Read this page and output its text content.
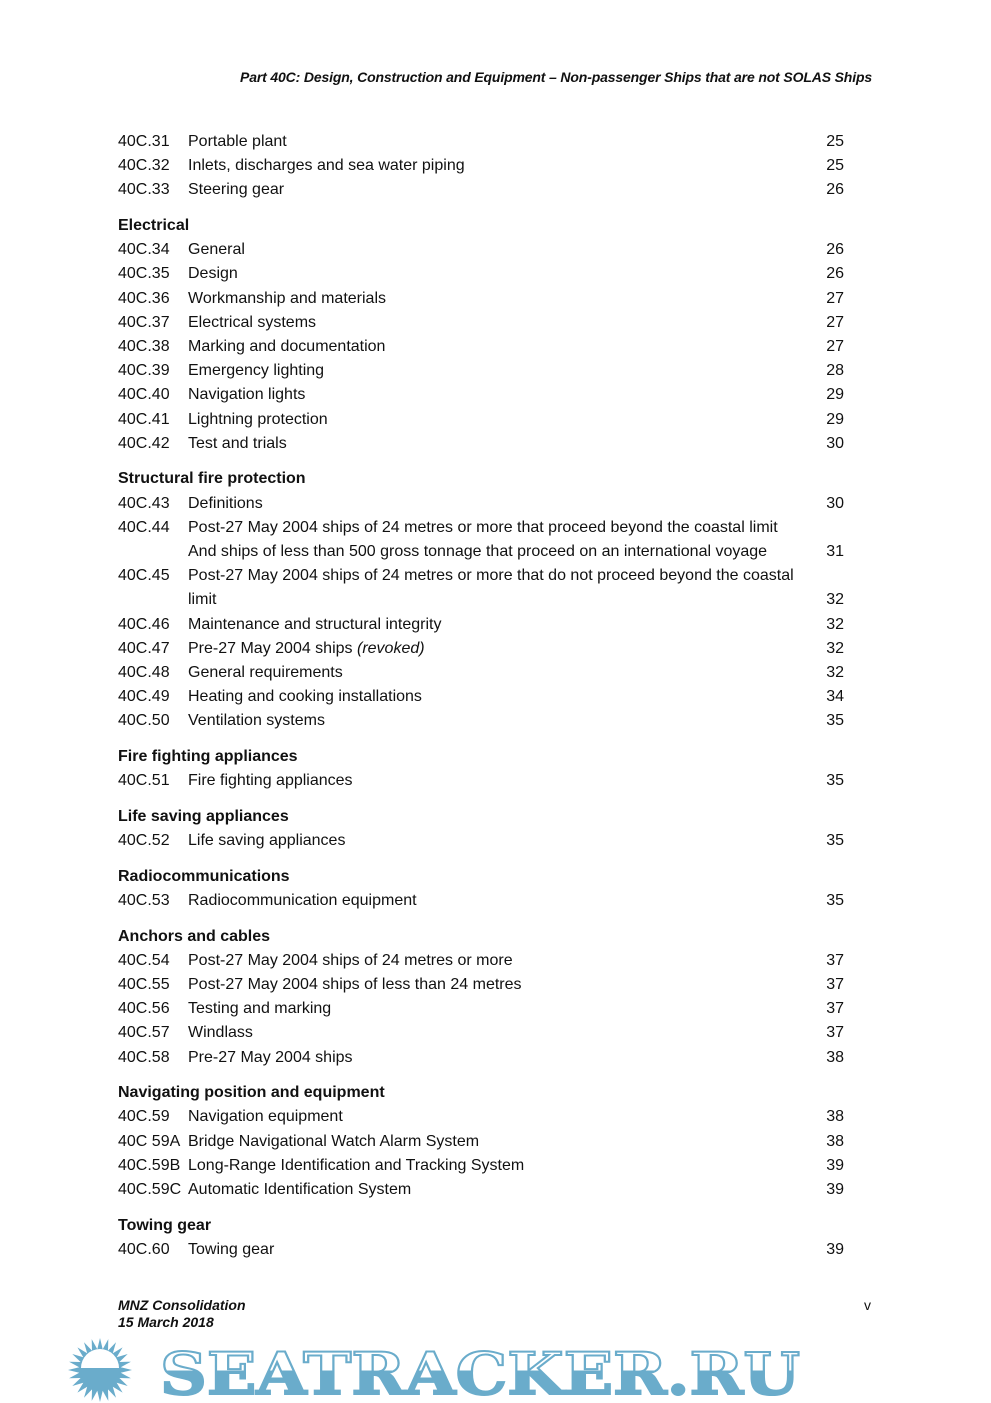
Part 40C: Design, Construction and Equipment – Non-passenger Ships that are not SOLAS Ships
40C.31 Portable plant	25
40C.32 Inlets, discharges and sea water piping	25
40C.33 Steering gear	26
Electrical
40C.34 General	26
40C.35 Design	26
40C.36 Workmanship and materials	27
40C.37 Electrical systems	27
40C.38 Marking and documentation	27
40C.39 Emergency lighting	28
40C.40 Navigation lights	29
40C.41 Lightning protection	29
40C.42 Test and trials	30
Structural fire protection
40C.43 Definitions	30
40C.44 Post-27 May 2004 ships of 24 metres or more that proceed beyond the coastal limit
And ships of less than 500 gross tonnage that proceed on an international voyage	31
40C.45 Post-27 May 2004 ships of 24 metres or more that do not proceed beyond the coastal
limit	32
40C.46 Maintenance and structural integrity	32
40C.47 Pre-27 May 2004 ships (revoked)	32
40C.48 General requirements	32
40C.49 Heating and cooking installations	34
40C.50 Ventilation systems	35
Fire fighting appliances
40C.51 Fire fighting appliances	35
Life saving appliances
40C.52 Life saving appliances	35
Radiocommunications
40C.53 Radiocommunication equipment	35
Anchors and cables
40C.54 Post-27 May 2004 ships of 24 metres or more	37
40C.55 Post-27 May 2004 ships of less than 24 metres	37
40C.56 Testing and marking	37
40C.57 Windlass	37
40C.58 Pre-27 May 2004 ships	38
Navigating position and equipment
40C.59 Navigation equipment	38
40C 59A Bridge Navigational Watch Alarm System	38
40C.59B Long-Range Identification and Tracking System	39
40C.59C Automatic Identification System	39
Towing gear
40C.60 Towing gear	39
MNZ Consolidation
15 March 2018
v
SEATRACKER.RU
